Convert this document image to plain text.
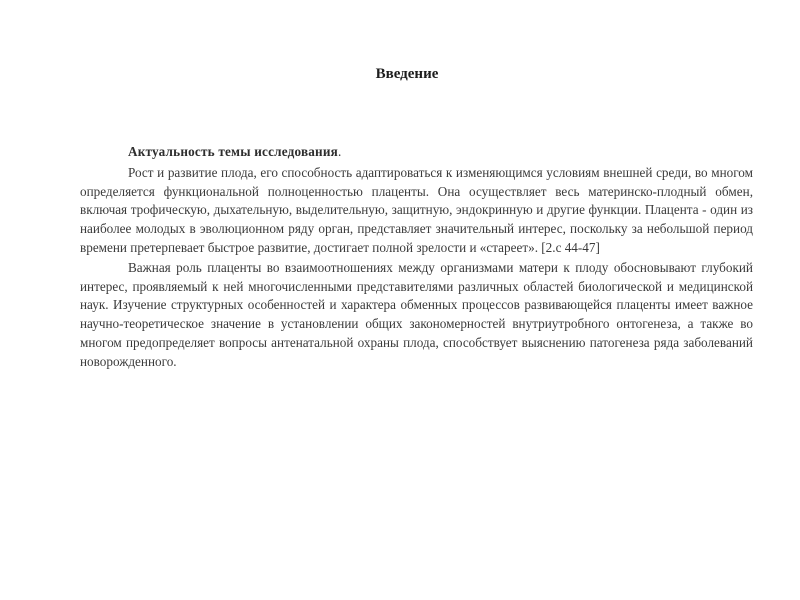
Введение

Актуальность темы исследования.

Рост и развитие плода, его способность адаптироваться к изменяющимся условиям внешней среди, во многом определяется функциональной полноценностью плаценты. Она осуществляет весь материнско-плодный обмен, включая трофическую, дыхательную, выделительную, защитную, эндокринную и другие функции. Плацента - один из наиболее молодых в эволюционном ряду орган, представляет значительный интерес, поскольку за небольшой период времени претерпевает быстрое развитие, достигает полной зрелости и «стареет». [2.с 44-47]

Важная роль плаценты во взаимоотношениях между организмами матери к плоду обосновывают глубокий интерес, проявляемый к ней многочисленными представителями различных областей биологической и медицинской наук. Изучение структурных особенностей и характера обменных процессов развивающейся плаценты имеет важное научно-теоретическое значение в установлении общих закономерностей внутриутробного онтогенеза, а также во многом предопределяет вопросы антенатальной охраны плода, способствует выяснению патогенеза ряда заболеваний новорожденного.
